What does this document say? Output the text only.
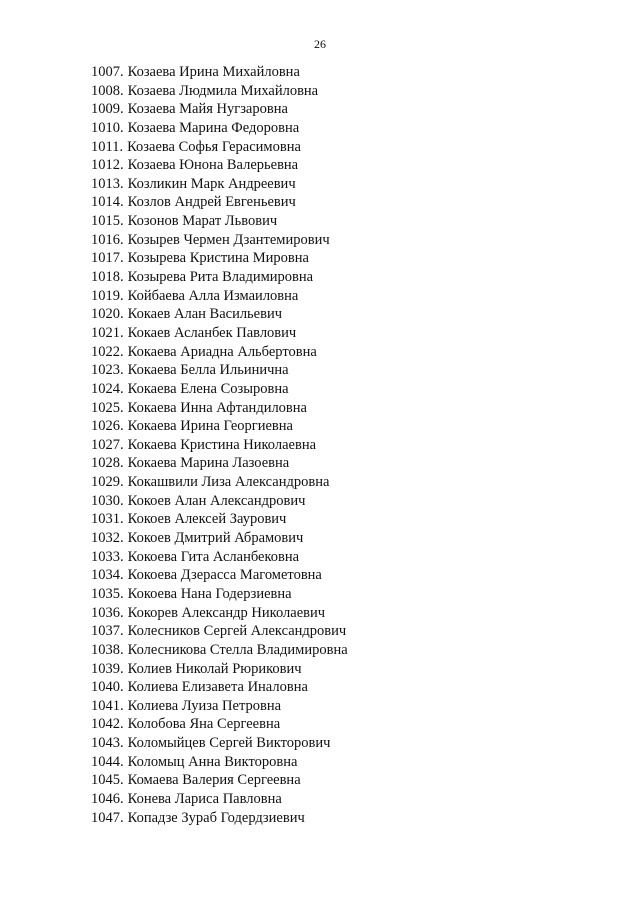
26
1007. Козаева Ирина Михайловна
1008. Козаева Людмила Михайловна
1009. Козаева Майя Нугзаровна
1010. Козаева Марина Федоровна
1011. Козаева Софья Герасимовна
1012. Козаева Юнона Валерьевна
1013. Козликин Марк Андреевич
1014. Козлов Андрей Евгеньевич
1015. Козонов Марат Львович
1016. Козырев Чермен Дзантемирович
1017. Козырева Кристина Мировна
1018. Козырева Рита Владимировна
1019. Койбаева Алла Измаиловна
1020. Кокаев Алан Васильевич
1021. Кокаев Асланбек Павлович
1022. Кокаева Ариадна Альбертовна
1023. Кокаева Белла Ильинична
1024. Кокаева Елена Созыровна
1025. Кокаева Инна Афтандиловна
1026. Кокаева Ирина Георгиевна
1027. Кокаева Кристина Николаевна
1028. Кокаева Марина Лазоевна
1029. Кокашвили Лиза Александровна
1030. Кокоев Алан Александрович
1031. Кокоев Алексей Заурович
1032. Кокоев Дмитрий Абрамович
1033. Кокоева Гита Асланбековна
1034. Кокоева Дзерасса Магометовна
1035. Кокоева Нана Годерзиевна
1036. Кокорев Александр Николаевич
1037. Колесников Сергей Александрович
1038. Колесникова Стелла Владимировна
1039. Колиев Николай Рюрикович
1040. Колиева Елизавета Иналовна
1041. Колиева Луиза Петровна
1042. Колобова Яна Сергеевна
1043. Коломыйцев Сергей Викторович
1044. Коломыц Анна Викторовна
1045. Комаева Валерия Сергеевна
1046. Конева Лариса Павловна
1047. Копадзе Зураб Годердзиевич
